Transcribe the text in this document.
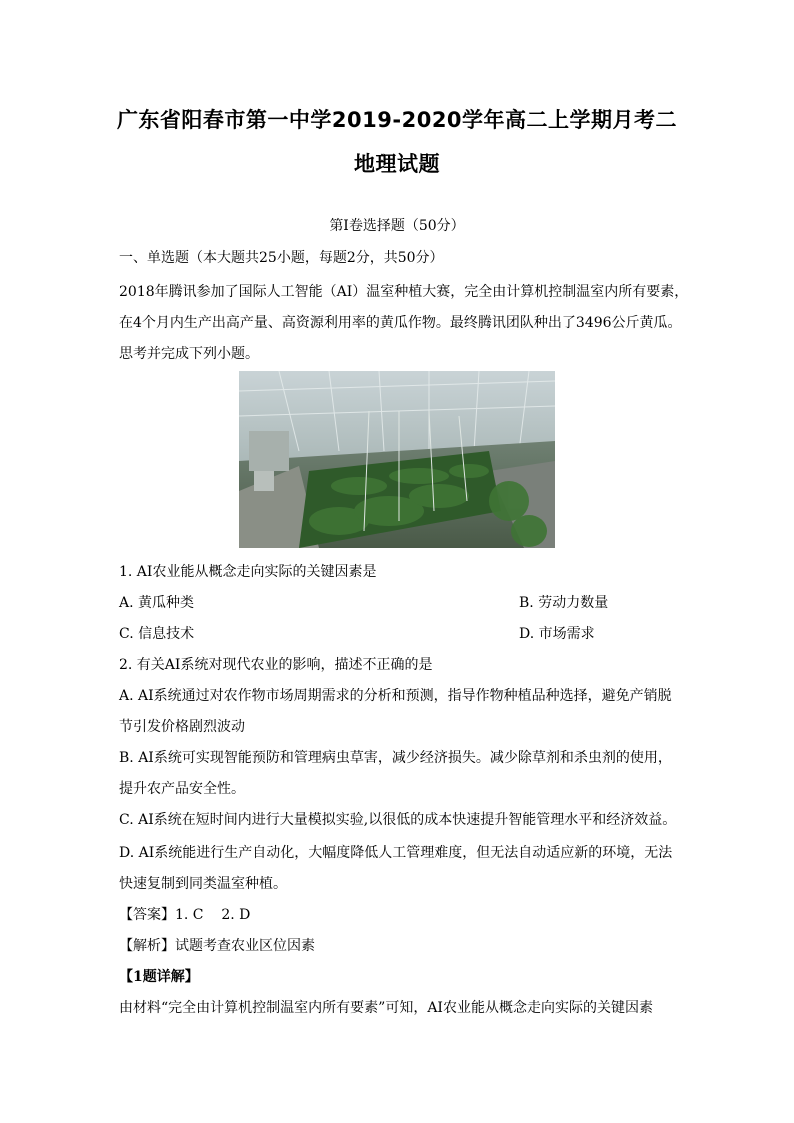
广东省阳春市第一中学2019-2020学年高二上学期月考二
地理试题
第Ⅰ卷选择题（50分）
一、单选题（本大题共25小题，每题2分，共50分）
2018年腾讯参加了国际人工智能（AI）温室种植大赛，完全由计算机控制温室内所有要素，
在4个月内生产出高产量、高资源利用率的黄瓜作物。最终腾讯团队种出了3496公斤黄瓜。
思考并完成下列小题。
1. AI农业能从概念走向实际的关键因素是
A. 黄瓜种类	B. 劳动力数量
C. 信息技术	D. 市场需求
2. 有关AI系统对现代农业的影响，描述不正确的是
A. AI系统通过对农作物市场周期需求的分析和预测，指导作物种植品种选择，避免产销脱
节引发价格剧烈波动
B. AI系统可实现智能预防和管理病虫草害，减少经济损失。减少除草剂和杀虫剂的使用，
提升农产品安全性。
C. AI系统在短时间内进行大量模拟实验,以很低的成本快速提升智能管理水平和经济效益。
D. AI系统能进行生产自动化，大幅度降低人工管理难度，但无法自动适应新的环境，无法
快速复制到同类温室种植。
【答案】1. C    2. D
【解析】试题考查农业区位因素
【1题详解】
由材料“完全由计算机控制温室内所有要素”可知，AI农业能从概念走向实际的关键因素
